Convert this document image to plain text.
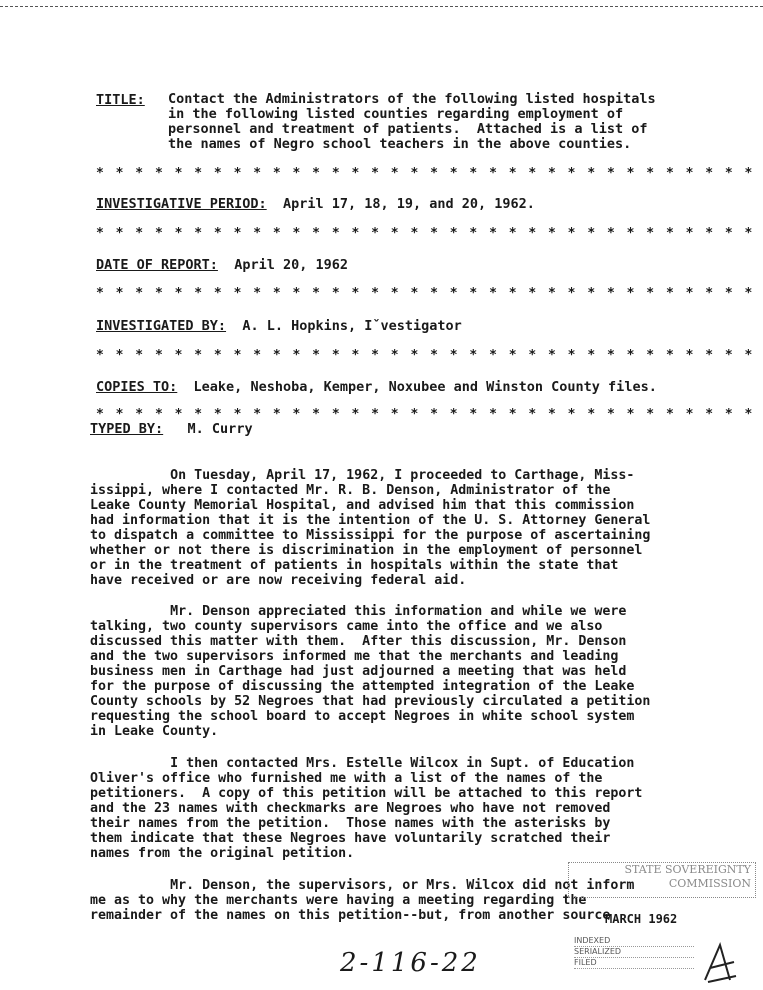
TITLE: Contact the Administrators of the following listed hospitals
in the following listed counties regarding employment of
personnel and treatment of patients.  Attached is a list of
the names of Negro school teachers in the above counties.
* * * * * * * * * * * * * * * * * * * * * * * * * * * * * * * * * *
INVESTIGATIVE PERIOD: April 17, 18, 19, and 20, 1962.
* * * * * * * * * * * * * * * * * * * * * * * * * * * * * * * * * *
DATE OF REPORT: April 20, 1962
* * * * * * * * * * * * * * * * * * * * * * * * * * * * * * * * * *
INVESTIGATED BY: A. L. Hopkins, Iˇvestigator
* * * * * * * * * * * * * * * * * * * * * * * * * * * * * * * * * *
COPIES TO: Leake, Neshoba, Kemper, Noxubee and Winston County files.
* * * * * * * * * * * * * * * * * * * * * * * * * * * * * * * * * *
TYPED BY: M. Curry
On Tuesday, April 17, 1962, I proceeded to Carthage, Miss-
issippi, where I contacted Mr. R. B. Denson, Administrator of the
Leake County Memorial Hospital, and advised him that this commission
had information that it is the intention of the U. S. Attorney General
to dispatch a committee to Mississippi for the purpose of ascertaining
whether or not there is discrimination in the employment of personnel
or in the treatment of patients in hospitals within the state that
have received or are now receiving federal aid.
Mr. Denson appreciated this information and while we were
talking, two county supervisors came into the office and we also
discussed this matter with them.  After this discussion, Mr. Denson
and the two supervisors informed me that the merchants and leading
business men in Carthage had just adjourned a meeting that was held
for the purpose of discussing the attempted integration of the Leake
County schools by 52 Negroes that had previously circulated a petition
requesting the school board to accept Negroes in white school system
in Leake County.
I then contacted Mrs. Estelle Wilcox in Supt. of Education
Oliver's office who furnished me with a list of the names of the
petitioners.  A copy of this petition will be attached to this report
and the 23 names with checkmarks are Negroes who have not removed
their names from the petition.  Those names with the asterisks by
them indicate that these Negroes have voluntarily scratched their
names from the original petition.
Mr. Denson, the supervisors, or Mrs. Wilcox did not inform
me as to why the merchants were having a meeting regarding the
remainder of the names on this petition--but, from another source
STATE SOVEREIGNTY COMMISSION
MARCH 1962
INDEXED
SERIALIZED
FILED
2-116-22
